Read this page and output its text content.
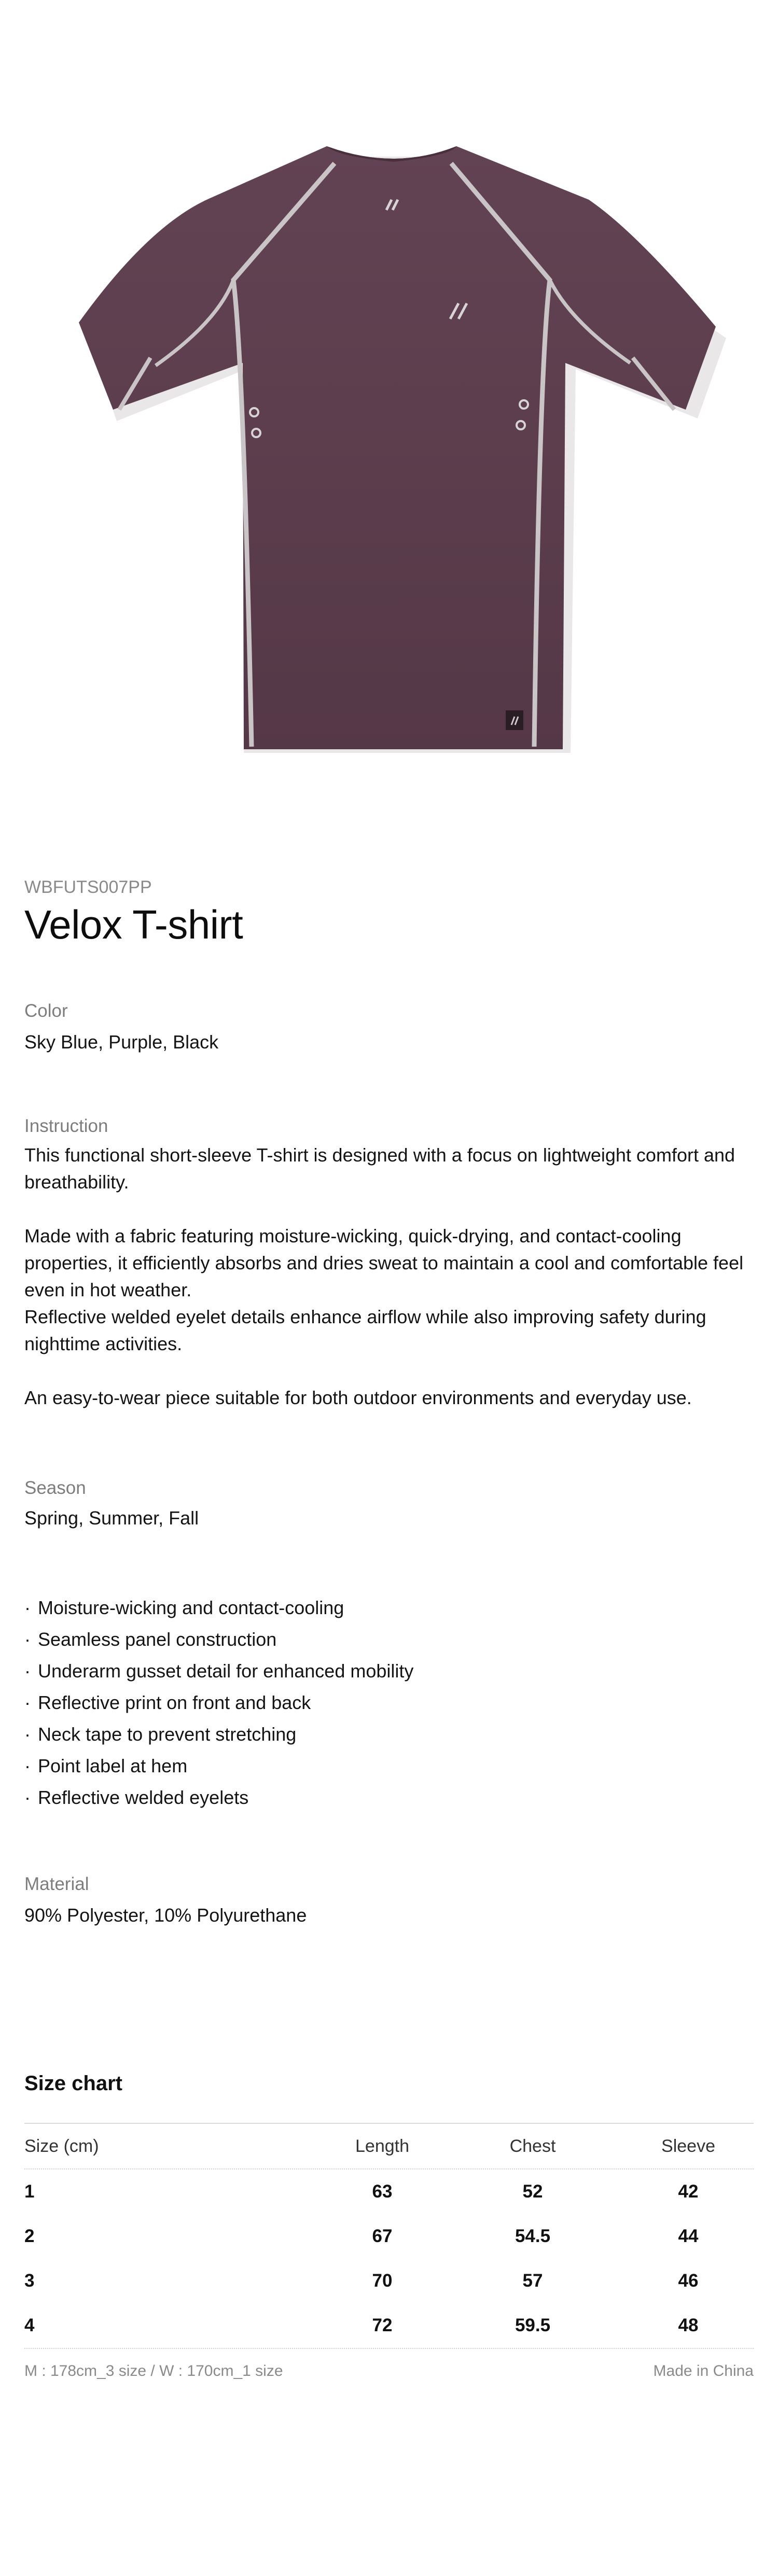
WBFUTS007PP
Velox T-shirt
Color
Sky Blue, Purple, Black
Instruction

This functional short-sleeve T-shirt is designed with a focus on lightweight comfort and breathability.

Made with a fabric featuring moisture-wicking, quick-drying, and contact-cooling properties, it efficiently absorbs and dries sweat to maintain a cool and comfortable feel even in hot weather.

Reflective welded eyelet details enhance airflow while also improving safety during nighttime activities.

An easy-to-wear piece suitable for both outdoor environments and everyday use.

Season
Spring, Summer, Fall
· Moisture-wicking and contact-cooling
· Seamless panel construction
· Underarm gusset detail for enhanced mobility
· Reflective print on front and back
· Neck tape to prevent stretching
· Point label at hem
· Reflective welded eyelets
Material
90% Polyester, 10% Polyurethane
Size chart
Size (cm)	Length	Chest	Sleeve
1	63	52	42
2	67	54.5	44
3	70	57	46
4	72	59.5	48
M : 178cm_3 size / W : 170cm_1 size	Made in China
